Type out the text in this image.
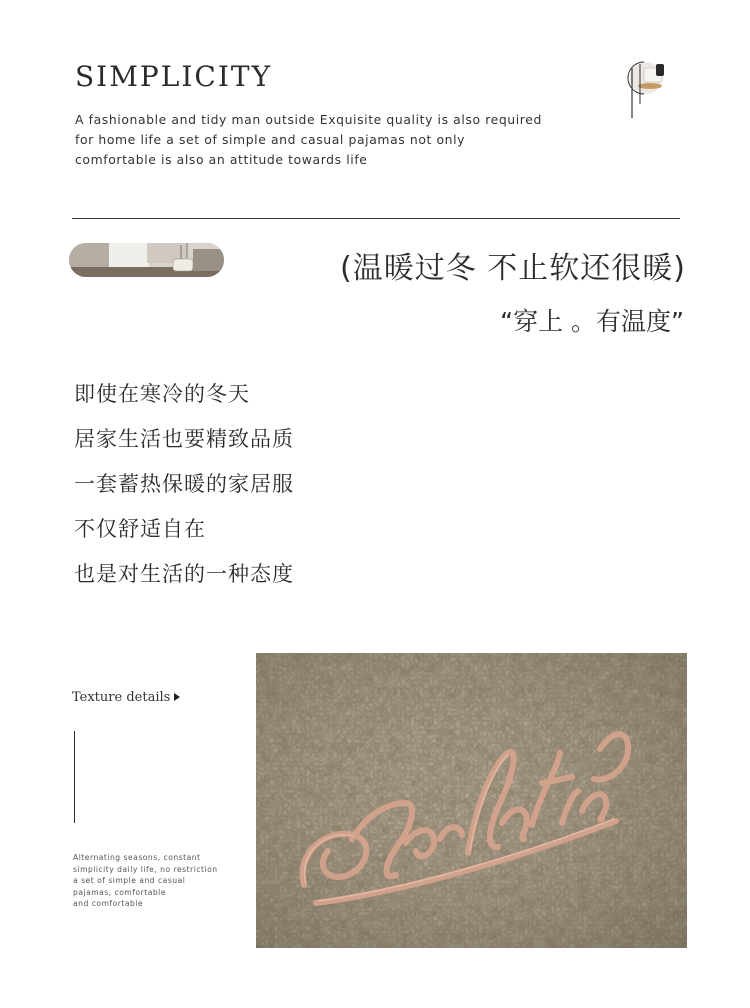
SIMPLICITY
A fashionable and tidy man outside Exquisite quality is also required
for home life a set of simple and casual pajamas not only
comfortable is also an attitude towards life
(温暖过冬 不止软还很暖)
“穿上 。有温度”
即使在寒冷的冬天
居家生活也要精致品质
一套蓄热保暖的家居服
不仅舒适自在
也是对生活的一种态度
Texture details
Alternating seasons, constant
simplicity daily life, no restriction
a set of simple and casual
pajamas, comfortable
and comfortable
